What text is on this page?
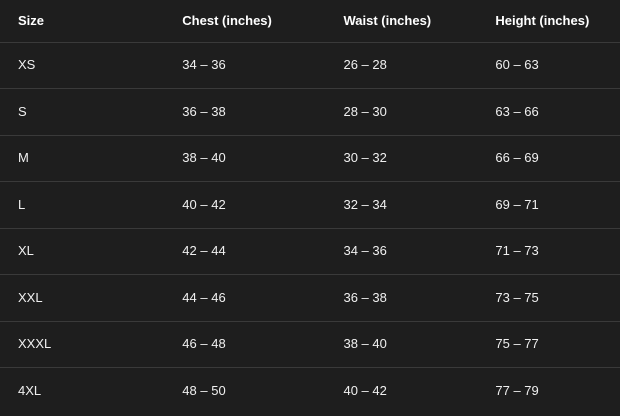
Size	Chest (inches)	Waist (inches)	Height (inches)
XS	34 – 36	26 – 28	60 – 63
S	36 – 38	28 – 30	63 – 66
M	38 – 40	30 – 32	66 – 69
L	40 – 42	32 – 34	69 – 71
XL	42 – 44	34 – 36	71 – 73
XXL	44 – 46	36 – 38	73 – 75
XXXL	46 – 48	38 – 40	75 – 77
4XL	48 – 50	40 – 42	77 – 79
